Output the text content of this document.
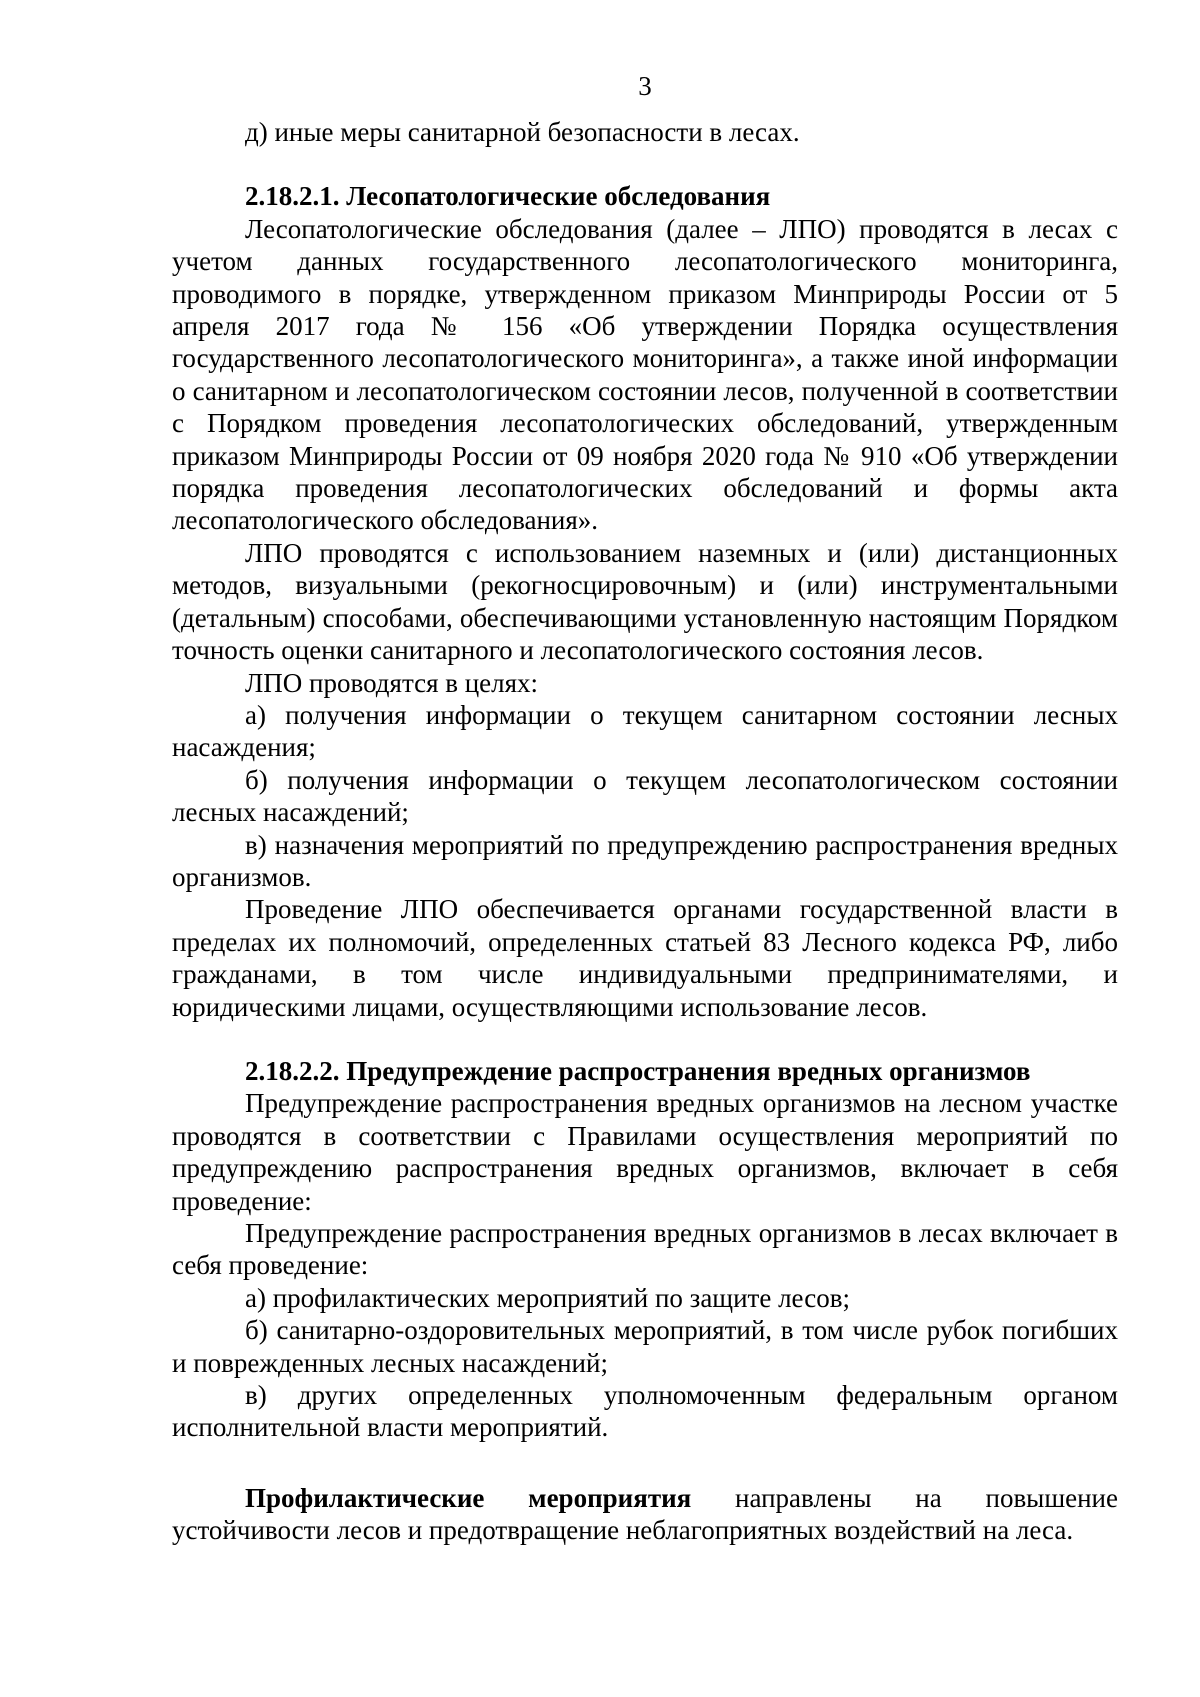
3

д) иные меры санитарной безопасности в лесах.

2.18.2.1. Лесопатологические обследования

Лесопатологические обследования (далее – ЛПО) проводятся в лесах с учетом данных государственного лесопатологического мониторинга, проводимого в порядке, утвержденном приказом Минприроды России от 5 апреля 2017 года № 156 «Об утверждении Порядка осуществления государственного лесопатологического мониторинга», а также иной информации о санитарном и лесопатологическом состоянии лесов, полученной в соответствии с Порядком проведения лесопатологических обследований, утвержденным приказом Минприроды России от 09 ноября 2020 года № 910 «Об утверждении порядка проведения лесопатологических обследований и формы акта лесопатологического обследования».

ЛПО проводятся с использованием наземных и (или) дистанционных методов, визуальными (рекогносцировочным) и (или) инструментальными (детальным) способами, обеспечивающими установленную настоящим Порядком точность оценки санитарного и лесопатологического состояния лесов.

ЛПО проводятся в целях:

а) получения информации о текущем санитарном состоянии лесных насаждения;

б) получения информации о текущем лесопатологическом состоянии лесных насаждений;

в) назначения мероприятий по предупреждению распространения вредных организмов.

Проведение ЛПО обеспечивается органами государственной власти в пределах их полномочий, определенных статьей 83 Лесного кодекса РФ, либо гражданами, в том числе индивидуальными предпринимателями, и юридическими лицами, осуществляющими использование лесов.

2.18.2.2. Предупреждение распространения вредных организмов

Предупреждение распространения вредных организмов на лесном участке проводятся в соответствии с Правилами осуществления мероприятий по предупреждению распространения вредных организмов, включает в себя проведение:

Предупреждение распространения вредных организмов в лесах включает в себя проведение:

а) профилактических мероприятий по защите лесов;

б) санитарно-оздоровительных мероприятий, в том числе рубок погибших и поврежденных лесных насаждений;

в) других определенных уполномоченным федеральным органом исполнительной власти мероприятий.

Профилактические мероприятия направлены на повышение устойчивости лесов и предотвращение неблагоприятных воздействий на леса.
